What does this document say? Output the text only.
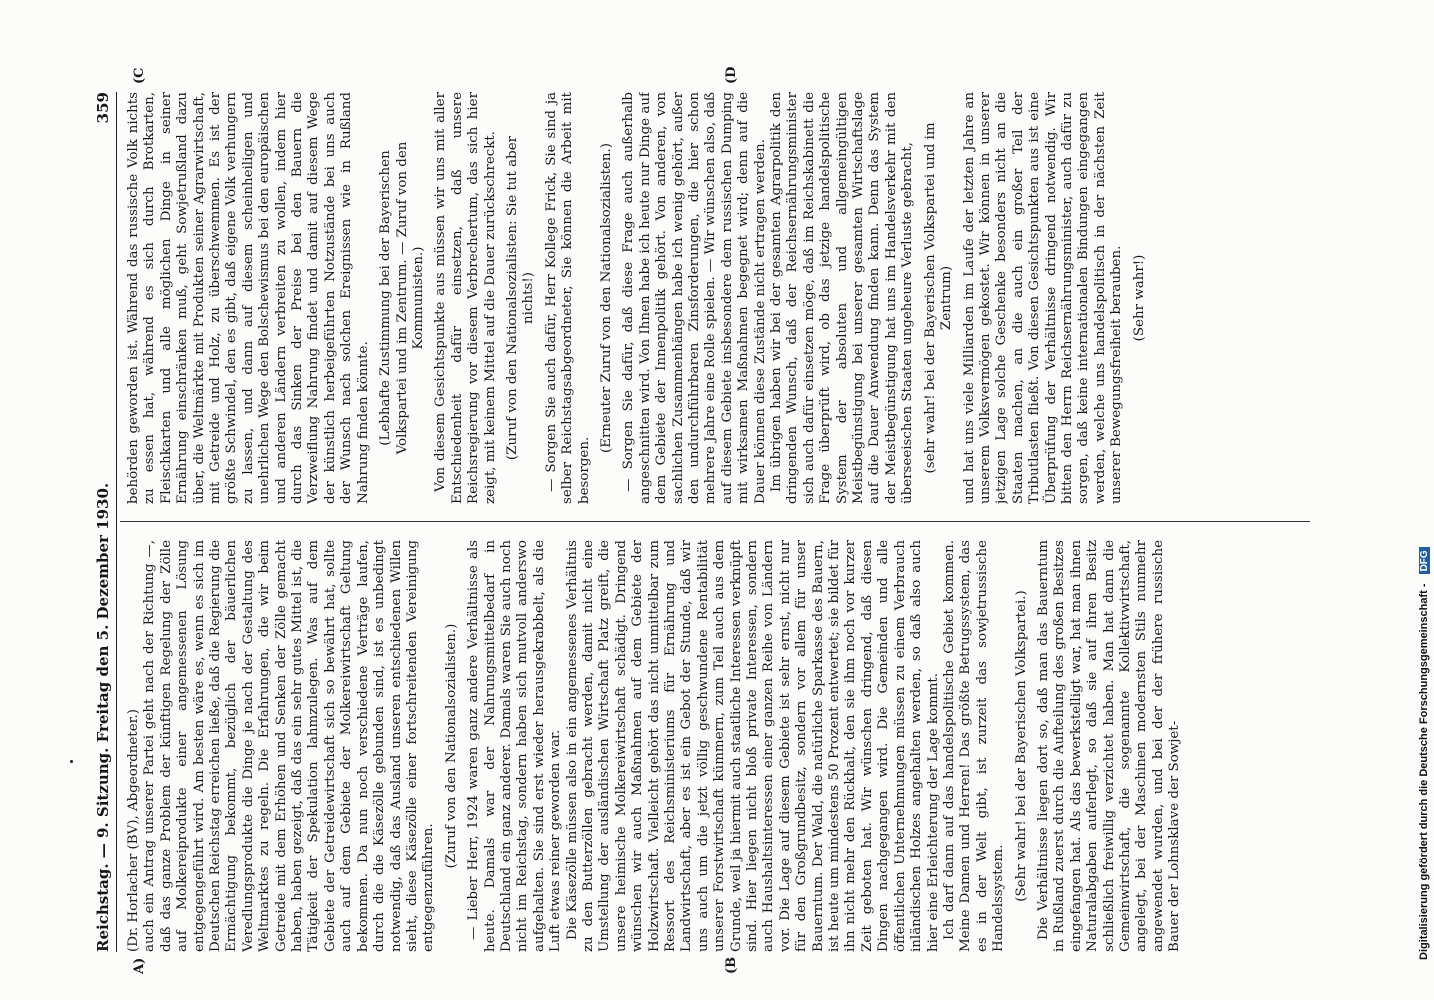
Reichstag. — 9. Sitzung. Freitag den 5. Dezember 1930.
359
A)	(B
(C	(D

(Dr. Horlacher (BV), Abgeordneter.) auch ein Antrag unserer Partei geht nach der Richtung —, daß das ganze Problem der künftigen Regelung der Zölle auf Molkereiprodukte einer angemessenen Lösung entgegengeführt wird. Am besten wäre es, wenn es sich im Deutschen Reichstag erreichen ließe, daß die Regierung die Ermächtigung bekommt, bezüglich der bäuerlichen Veredlungsprodukte die Dinge je nach der Gestaltung des Weltmarktes zu regeln. Die Erfahrungen, die wir beim Getreide mit dem Erhöhen und Senken der Zölle gemacht haben, haben gezeigt, daß das ein sehr gutes Mittel ist, die Tätigkeit der Spekulation lahmzulegen. Was auf dem Gebiete der Getreidewirtschaft sich so bewährt hat, sollte auch auf dem Gebiete der Molkereiwirtschaft Geltung bekommen. Da nun noch verschiedene Verträge laufen, durch die die Käsezölle gebunden sind, ist es unbedingt notwendig, daß das Ausland unseren entschiedenen Willen sieht, diese Käsezölle einer fortschreitenden Vereinigung entgegenzuführen.

(Zuruf von den Nationalsozialisten.) — Lieber Herr, 1924 waren ganz andere Verhältnisse als heute. Damals war der Nahrungsmittelbedarf in Deutschland ein ganz anderer. Damals waren Sie auch noch nicht im Reichstag, sondern haben sich mutvoll anderswo aufgehalten. Sie sind erst wieder herausgekrabbelt, als die Luft etwas reiner geworden war. Die Käsezölle müssen also in ein angemessenes Verhältnis zu den Butterzöllen gebracht werden, damit nicht eine Umstellung der ausländischen Wirtschaft Platz greift, die unsere heimische Molkereiwirtschaft schädigt. Dringend wünschen wir auch Maßnahmen auf dem Gebiete der Holzwirtschaft. Vielleicht gehört das nicht unmittelbar zum Ressort des Reichsministeriums für Ernährung und Landwirtschaft, aber es ist ein Gebot der Stunde, daß wir uns auch um die jetzt völlig geschwundene Rentabilität unserer Forstwirtschaft kümmern, zum Teil auch aus dem Grunde, weil ja hiermit auch staatliche Interessen verknüpft sind. Hier liegen nicht bloß private Interessen, sondern auch Haushaltsinteressen einer ganzen Reihe von Ländern vor. Die Lage auf diesem Gebiete ist sehr ernst, nicht nur für den Großgrundbesitz, sondern vor allem für unser Bauerntum. Der Wald, die natürliche Sparkasse des Bauern, ist heute um mindestens 50 Prozent entwertet; sie bildet für ihn nicht mehr den Rückhalt, den sie ihm noch vor kurzer Zeit geboten hat. Wir wünschen dringend, daß diesen Dingen nachgegangen wird. Die Gemeinden und alle öffentlichen Unternehmungen müssen zu einem Verbrauch inländischen Holzes angehalten werden, so daß also auch hier eine Erleichterung der Lage kommt. Ich darf dann auf das handelspolitische Gebiet kommen. Meine Damen und Herren! Das größte Betrugssystem, das es in der Welt gibt, ist zurzeit das sowjetrussische Handelssystem. (Sehr wahr! bei der Bayerischen Volkspartei.) Die Verhältnisse liegen dort so, daß man das Bauerntum in Rußland zuerst durch die Aufteilung des großen Besitzes eingefangen hat. Als das bewerkstelligt war, hat man ihnen Naturalabgaben auferlegt, so daß sie auf ihren Besitz schließlich freiwillig verzichtet haben. Man hat dann die Gemeinwirtschaft, die sogenannte Kollektivwirtschaft, angelegt, bei der Maschinen modernsten Stils nunmehr angewendet wurden, und bei der der frühere russische Bauer der Lohnsklave der Sowjet-

behörden geworden ist. Während das russische Volk nichts zu essen hat, während es sich durch Brotkarten, Fleischkarten und alle möglichen Dinge in seiner Ernährung einschränken muß, geht Sowjetrußland dazu über, die Weltmärkte mit Produkten seiner Agrarwirtschaft, mit Getreide und Holz, zu überschwemmen. Es ist der größte Schwindel, den es gibt, daß eigene Volk verhungern zu lassen, und dann auf diesem scheinheiligen und unehrlichen Wege den Bolschewismus bei den europäischen und anderen Ländern verbreiten zu wollen, indem hier durch das Sinken der Preise bei den Bauern die Verzweiflung Nahrung findet und damit auf diesem Wege der künstlich herbeigeführten Notzustände bei uns auch der Wunsch nach solchen Ereignissen wie in Rußland Nahrung finden könnte. (Lebhafte Zustimmung bei der Bayerischen Volkspartei und im Zentrum. — Zuruf von den Kommunisten.) Von diesem Gesichtspunkte aus müssen wir uns mit aller Entschiedenheit dafür einsetzen, daß unsere Reichsregierung vor diesem Verbrechertum, das sich hier zeigt, mit keinem Mittel auf die Dauer zurückschreckt. (Zuruf von den Nationalsozialisten: Sie tut aber nichts!) — Sorgen Sie auch dafür, Herr Kollege Frick, Sie sind ja selber Reichstagsabgeordneter, Sie können die Arbeit mit besorgen.

(Erneuter Zuruf von den Nationalsozialisten.) — Sorgen Sie dafür, daß diese Frage auch außerhalb angeschnitten wird. Von Ihnen habe ich heute nur Dinge auf dem Gebiete der Innenpolitik gehört. Von anderen, von sachlichen Zusammenhängen habe ich wenig gehört, außer den undurchführbaren Zinsforderungen, die hier schon mehrere Jahre eine Rolle spielen. — Wir wünschen also, daß auf diesem Gebiete insbesondere dem russischen Dumping mit wirksamen Maßnahmen begegnet wird; denn auf die Dauer können diese Zustände nicht ertragen werden. Im übrigen haben wir bei der gesamten Agrarpolitik den dringenden Wunsch, daß der Reichsernährungsminister sich auch dafür einsetzen möge, daß im Reichskabinett die Frage überprüft wird, ob das jetzige handelspolitische System der absoluten und allgemeingültigen Meistbegünstigung bei unserer gesamten Wirtschaftslage auf die Dauer Anwendung finden kann. Denn das System der Meistbegünstigung hat uns im Handelsverkehr mit den überseeischen Staaten ungeheure Verluste gebracht, (sehr wahr! bei der Bayerischen Volkspartei und im Zentrum) und hat uns viele Milliarden im Laufe der letzten Jahre an unserem Volksvermögen gekostet. Wir können in unserer jetzigen Lage solche Geschenke besonders nicht an die Staaten machen, an die auch ein großer Teil der Tributlasten fließt. Von diesen Gesichtspunkten aus ist eine Überprüfung der Verhältnisse dringend notwendig. Wir bitten den Herrn Reichsernährungsminister, auch dafür zu sorgen, daß keine internationalen Bindungen eingegangen werden, welche uns handelspolitisch in der nächsten Zeit unserer Bewegungsfreiheit berauben. (Sehr wahr!)

Digitalisierung gefördert durch die Deutsche Forschungsgemeinschaft - DFG
